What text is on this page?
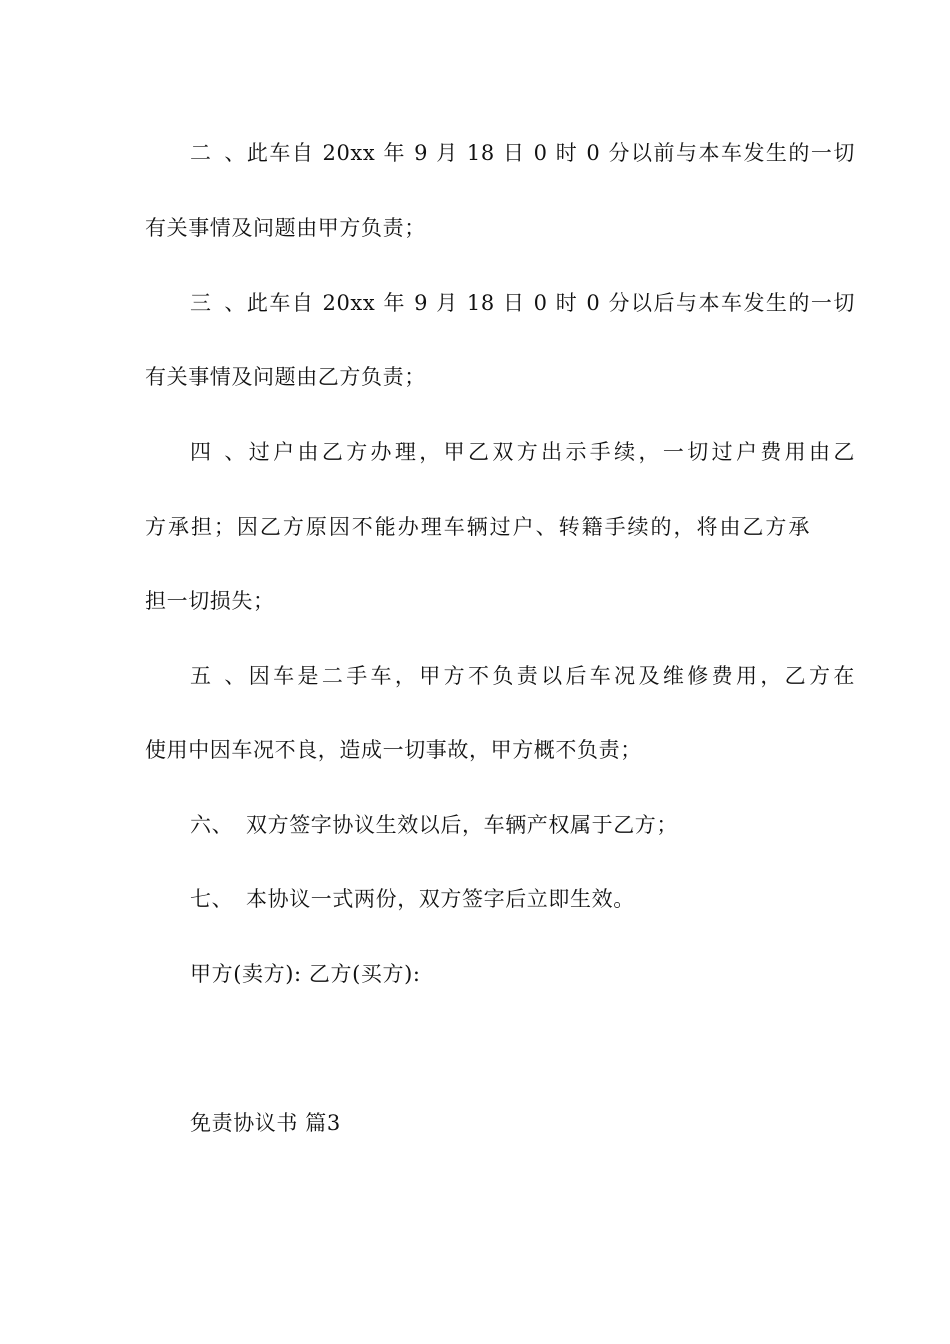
二、此车自 20xx 年 9 月 18 日 0 时 0 分以前与本车发生的一切
有关事情及问题由甲方负责；
三、此车自 20xx 年 9 月 18 日 0 时 0 分以后与本车发生的一切
有关事情及问题由乙方负责；
四、过户由乙方办理，甲乙双方出示手续，一切过户费用由乙
方承担；因乙方原因不能办理车辆过户、转籍手续的，将由乙方承
担一切损失；
五、因车是二手车，甲方不负责以后车况及维修费用，乙方在
使用中因车况不良，造成一切事故，甲方概不负责；
六、 双方签字协议生效以后，车辆产权属于乙方；
七、 本协议一式两份，双方签字后立即生效。
甲方(卖方): 乙方(买方):
免责协议书 篇3
